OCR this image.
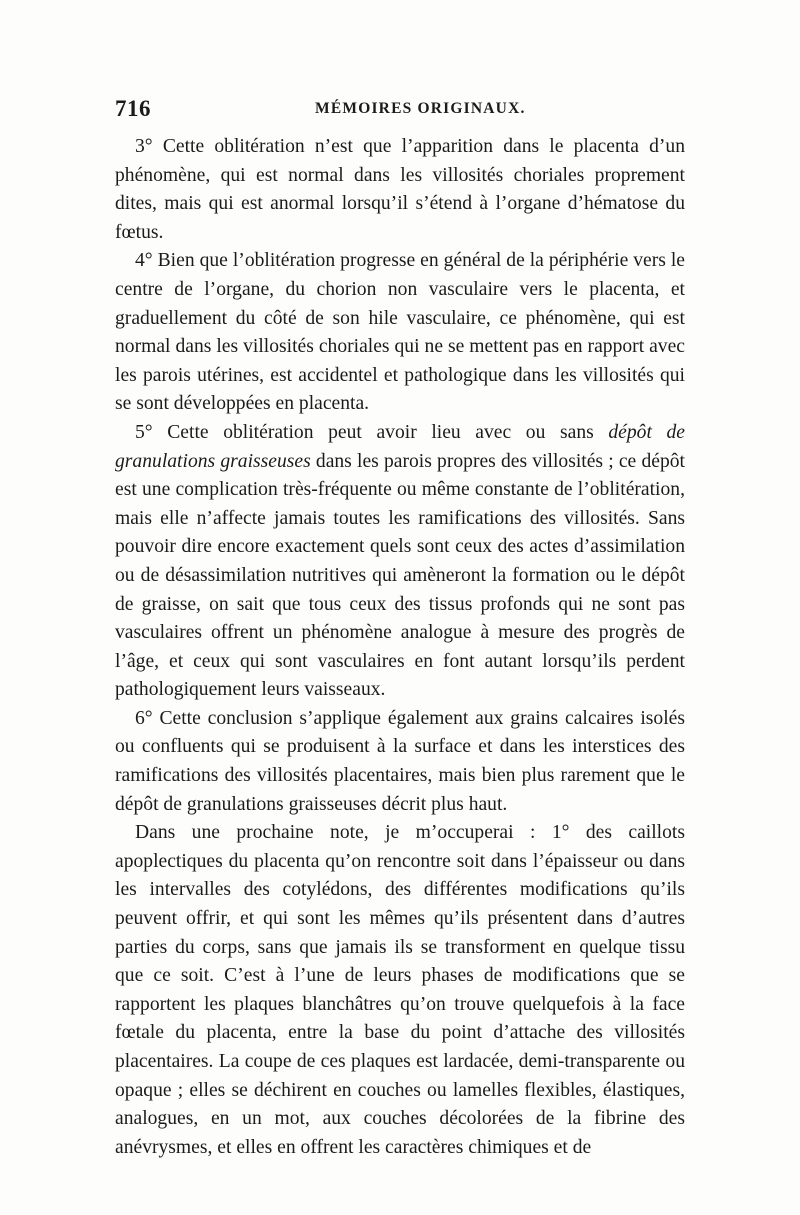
716	MÉMOIRES ORIGINAUX.

3° Cette oblitération n’est que l’apparition dans le placenta d’un phénomène, qui est normal dans les villosités choriales proprement dites, mais qui est anormal lorsqu’il s’étend à l’organe d’hématose du fœtus.

4° Bien que l’oblitération progresse en général de la périphérie vers le centre de l’organe, du chorion non vasculaire vers le placenta, et graduellement du côté de son hile vasculaire, ce phénomène, qui est normal dans les villosités choriales qui ne se mettent pas en rapport avec les parois utérines, est accidentel et pathologique dans les villosités qui se sont développées en placenta.

5° Cette oblitération peut avoir lieu avec ou sans dépôt de granulations graisseuses dans les parois propres des villosités ; ce dépôt est une complication très-fréquente ou même constante de l’oblitération, mais elle n’affecte jamais toutes les ramifications des villosités. Sans pouvoir dire encore exactement quels sont ceux des actes d’assimilation ou de désassimilation nutritives qui amèneront la formation ou le dépôt de graisse, on sait que tous ceux des tissus profonds qui ne sont pas vasculaires offrent un phénomène analogue à mesure des progrès de l’âge, et ceux qui sont vasculaires en font autant lorsqu’ils perdent pathologiquement leurs vaisseaux.

6° Cette conclusion s’applique également aux grains calcaires isolés ou confluents qui se produisent à la surface et dans les interstices des ramifications des villosités placentaires, mais bien plus rarement que le dépôt de granulations graisseuses décrit plus haut.

Dans une prochaine note, je m’occuperai : 1° des caillots apoplectiques du placenta qu’on rencontre soit dans l’épaisseur ou dans les intervalles des cotylédons, des différentes modifications qu’ils peuvent offrir, et qui sont les mêmes qu’ils présentent dans d’autres parties du corps, sans que jamais ils se transforment en quelque tissu que ce soit. C’est à l’une de leurs phases de modifications que se rapportent les plaques blanchâtres qu’on trouve quelquefois à la face fœtale du placenta, entre la base du point d’attache des villosités placentaires. La coupe de ces plaques est lardacée, demi-transparente ou opaque ; elles se déchirent en couches ou lamelles flexibles, élastiques, analogues, en un mot, aux couches décolorées de la fibrine des anévrysmes, et elles en offrent les caractères chimiques et de
